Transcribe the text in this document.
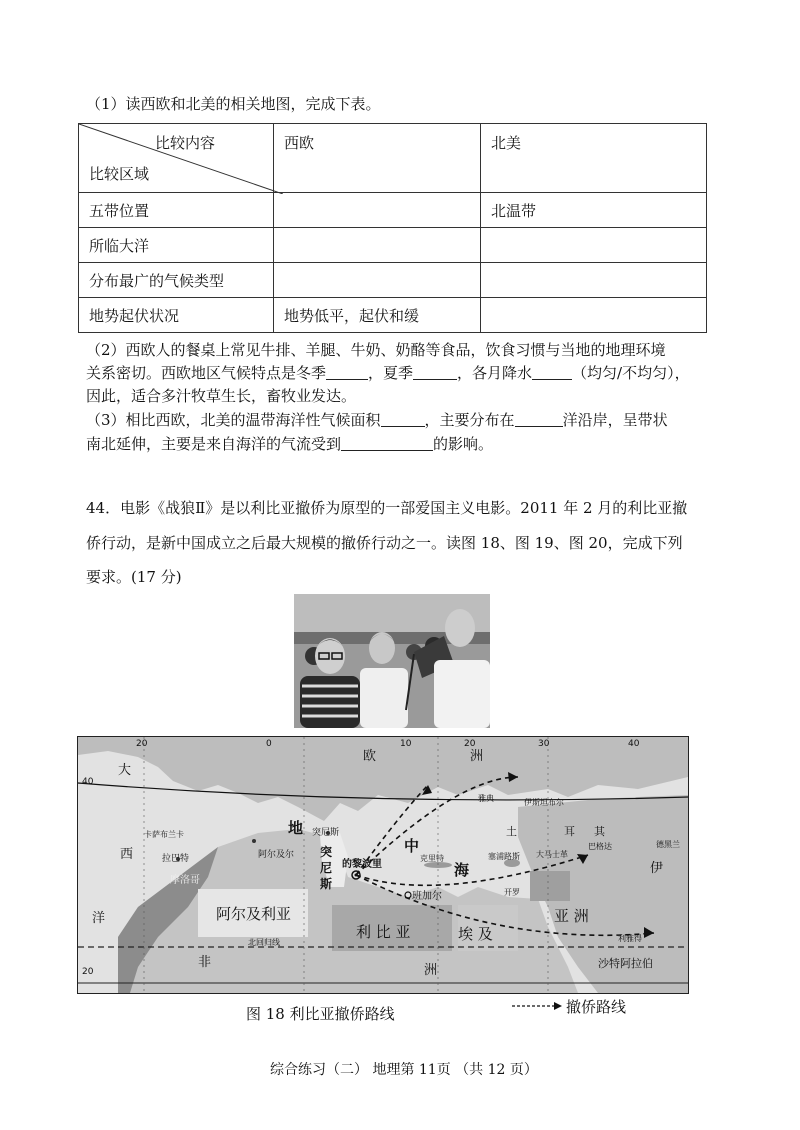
（1）读西欧和北美的相关地图，完成下表。
比较内容
比较区域	西欧	北美
五带位置		北温带
所临大洋		
分布最广的气候类型		
地势起伏状况	地势低平，起伏和缓	
（2）西欧人的餐桌上常见牛排、羊腿、牛奶、奶酪等食品，饮食习惯与当地的地理环境
关系密切。西欧地区气候特点是冬季	，夏季	，各月降水	（均匀/不均匀），
因此，适合多汁牧草生长，畜牧业发达。
（3）相比西欧，北美的温带海洋性气候面积	，主要分布在	洋沿岸，呈带状
南北延伸，主要是来自海洋的气流受到	的影响。
44．电影《战狼Ⅱ》是以利比亚撤侨为原型的一部爱国主义电影。2011 年 2 月的利比亚撤
侨行动，是新中国成立之后最大规模的撤侨行动之一。读图 18、图 19、图 20，完成下列
要求。(17 分)
20	0	10	20	30	40
40
20
大
西
洋
欧	洲
地
中
海
土	耳 其
突尼斯
突
尼
斯
阿尔及尔
拉巴特
卡萨布兰卡
摩洛哥
阿尔及利亚
的黎波里
班加尔
利 比 亚	埃 及
亚 洲
非
洲
伊
雅典	伊斯坦布尔
克里特	塞浦路斯 大马士革
开罗
北回归线
沙特阿拉伯
利雅得
德黑兰
巴格达
图 18 利比亚撤侨路线	撤侨路线
综合练习（二） 地理第 11页 （共 12 页）
